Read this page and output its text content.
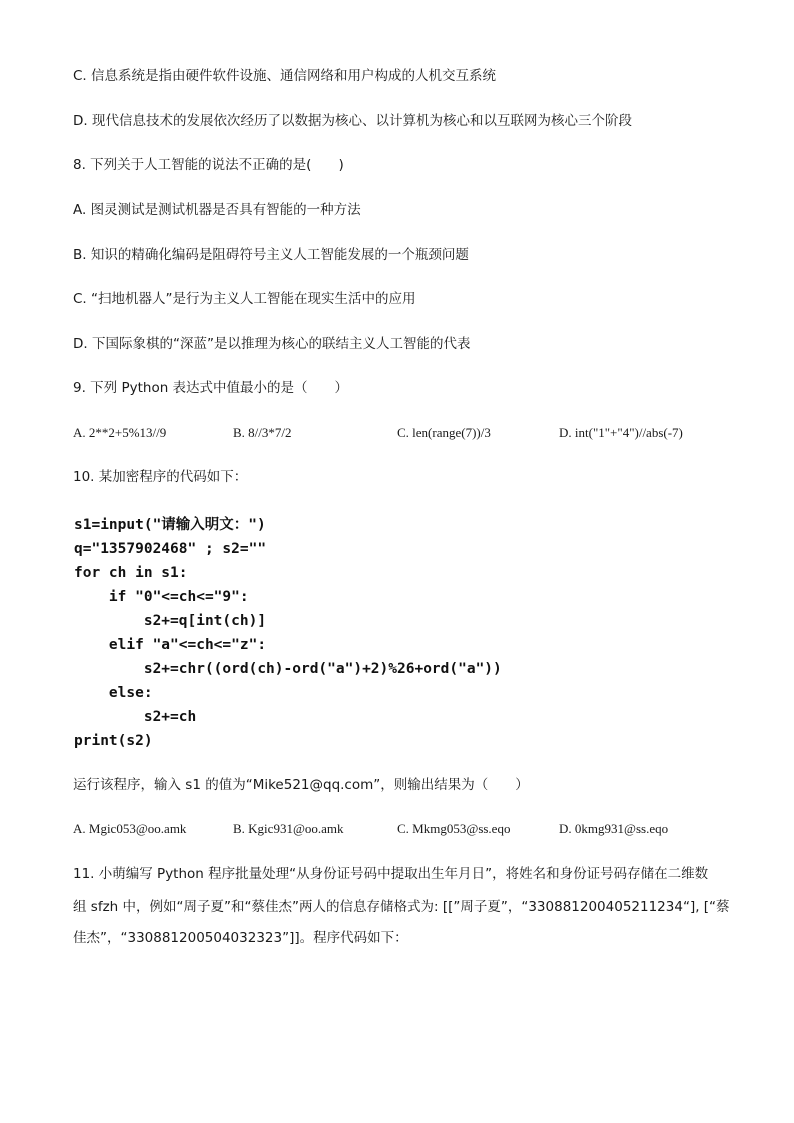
C. 信息系统是指由硬件软件设施、通信网络和用户构成的人机交互系统
D. 现代信息技术的发展依次经历了以数据为核心、以计算机为核心和以互联网为核心三个阶段
8. 下列关于人工智能的说法不正确的是(　　)
A. 图灵测试是测试机器是否具有智能的一种方法
B. 知识的精确化编码是阻碍符号主义人工智能发展的一个瓶颈问题
C. “扫地机器人”是行为主义人工智能在现实生活中的应用
D. 下国际象棋的“深蓝”是以推理为核心的联结主义人工智能的代表
9. 下列 Python 表达式中值最小的是（　　）
A. 2**2+5%13//9	B. 8//3*7/2	C. len(range(7))/3	D. int("1"+"4")//abs(-7)
10. 某加密程序的代码如下：
s1=input("请输入明文：")
q="1357902468" ; s2=""
for ch in s1:
if "0"<=ch<="9":
s2+=q[int(ch)]
elif "a"<=ch<="z":
s2+=chr((ord(ch)-ord("a")+2)%26+ord("a"))
else:
s2+=ch
print(s2)
运行该程序，输入 s1 的值为“Mike521@qq.com”，则输出结果为（　　）
A. Mgic053@oo.amk	B. Kgic931@oo.amk	C. Mkmg053@ss.eqo	D. 0kmg931@ss.eqo
11. 小萌编写 Python 程序批量处理“从身份证号码中提取出生年月日”，将姓名和身份证号码存储在二维数
组 sfzh 中，例如“周子夏”和“蔡佳杰”两人的信息存储格式为: [[”周子夏”，“330881200405211234“], [“蔡
佳杰”，“330881200504032323”]]。程序代码如下：
